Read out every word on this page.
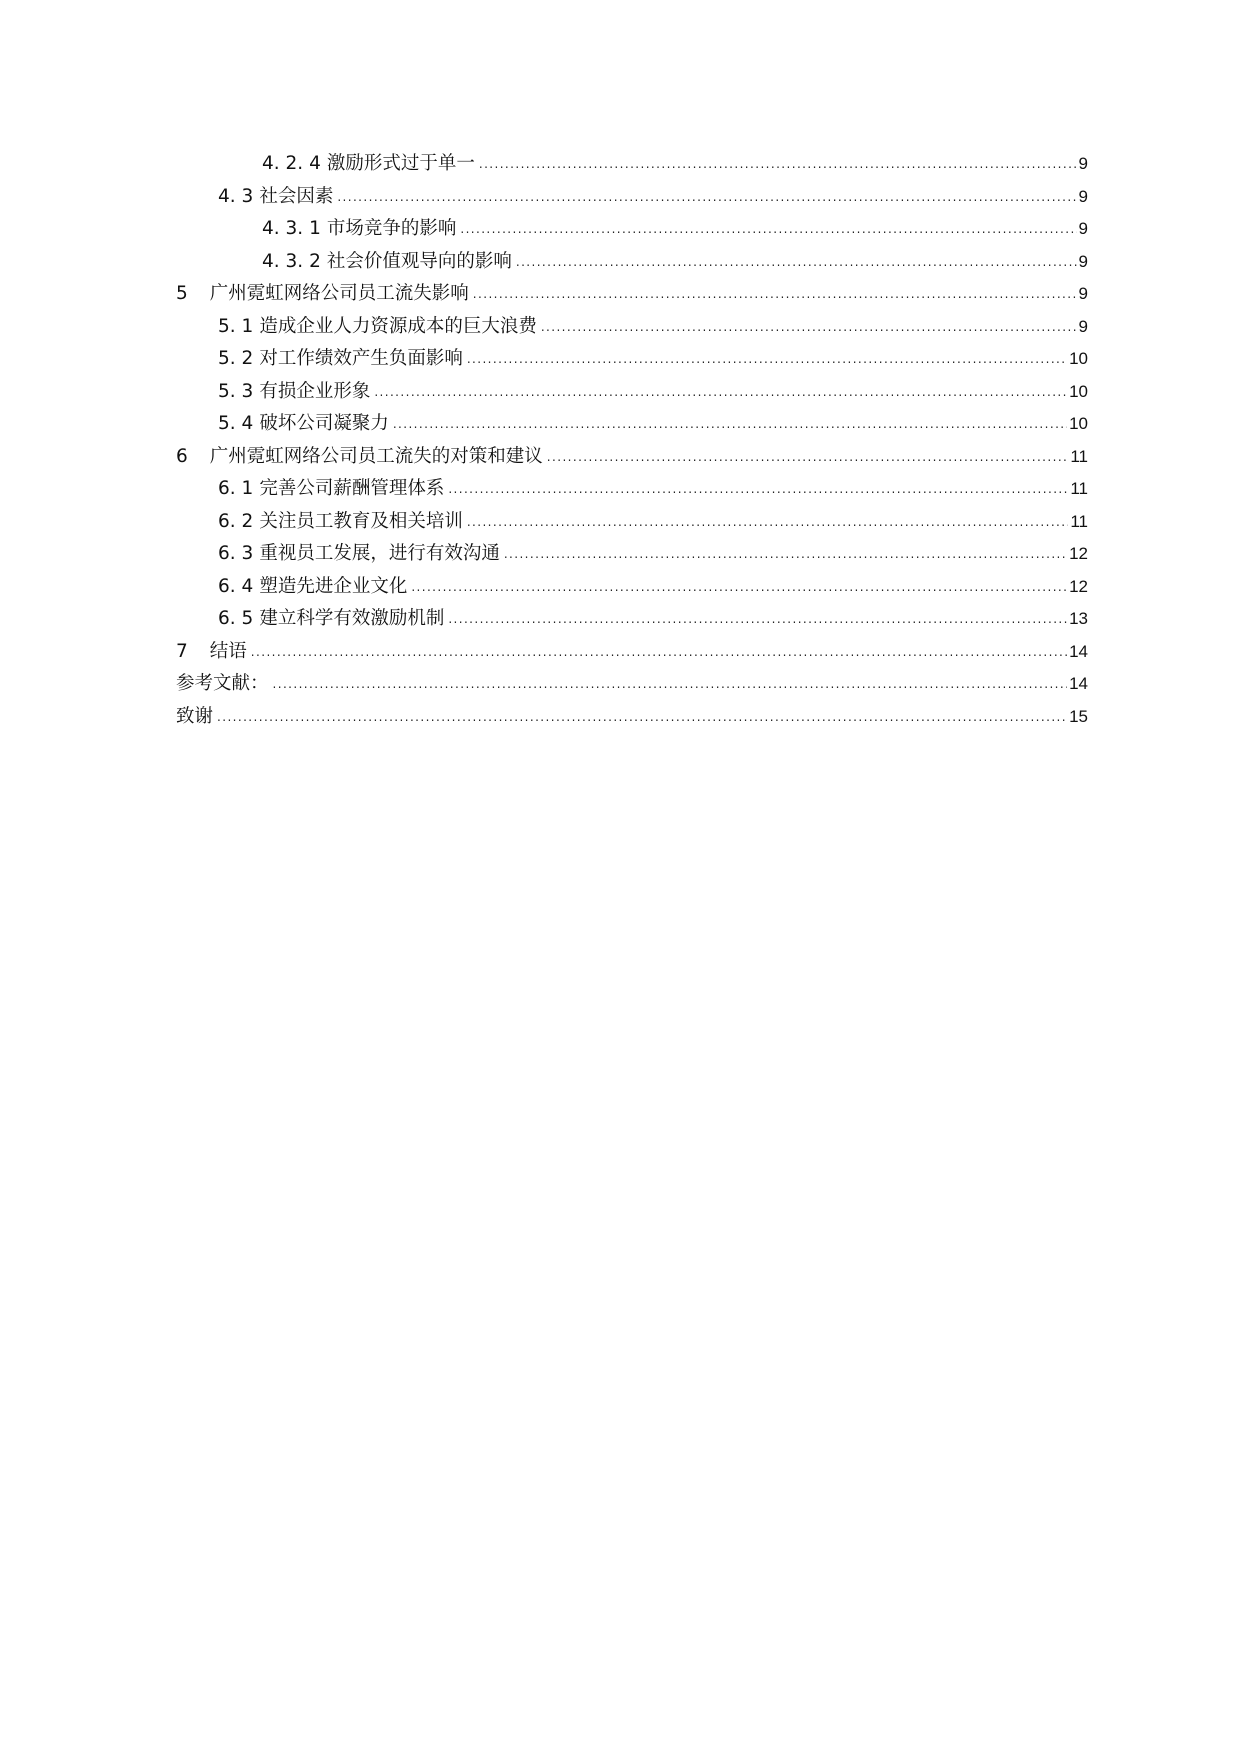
4. 2. 4 激励形式过于单一 .....	9
4. 3 社会因素 .....	9
4. 3. 1 市场竞争的影响 .....	9
4. 3. 2 社会价值观导向的影响 .....	9
5 广州霓虹网络公司员工流失影响 .....	9
5. 1 造成企业人力资源成本的巨大浪费 .....	9
5. 2 对工作绩效产生负面影响 .....	10
5. 3 有损企业形象 .....	10
5. 4 破坏公司凝聚力 .....	10
6 广州霓虹网络公司员工流失的对策和建议 .....	11
6. 1 完善公司薪酬管理体系 .....	11
6. 2 关注员工教育及相关培训 .....	11
6. 3 重视员工发展，进行有效沟通 .....	12
6. 4 塑造先进企业文化 .....	12
6. 5 建立科学有效激励机制 .....	13
7 结语 .....	14
参考文献： .....	14
致谢 .....	15
